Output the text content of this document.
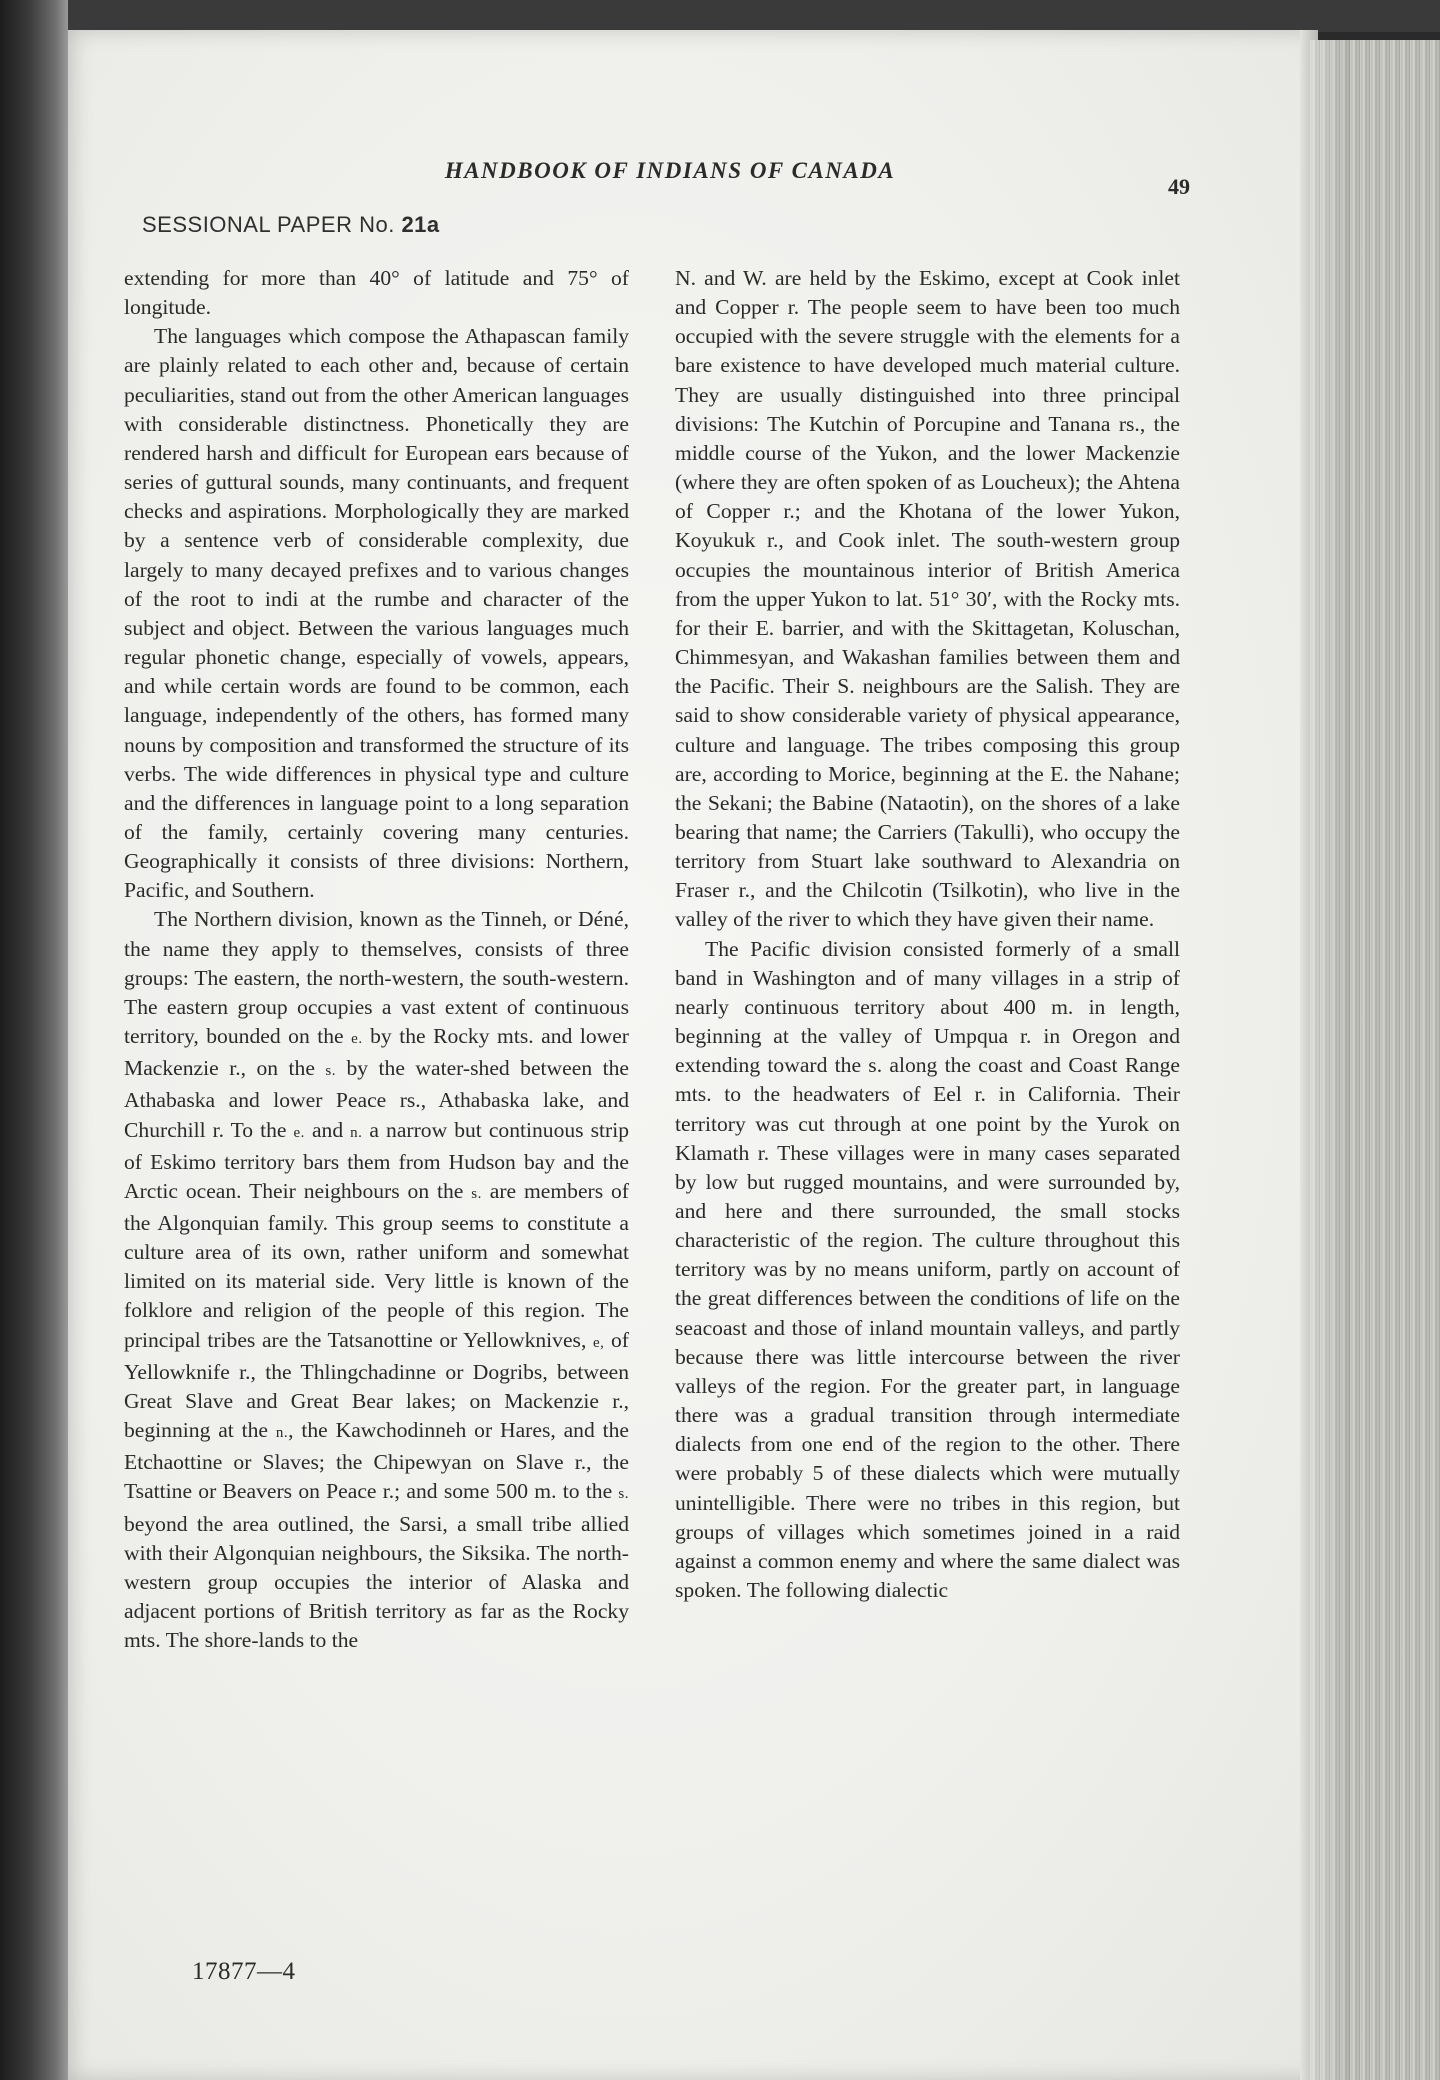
HANDBOOK OF INDIANS OF CANADA
49
SESSIONAL PAPER No. 21a

extending for more than 40° of latitude and 75° of longitude.

The languages which compose the Athapascan family are plainly related to each other and, because of certain peculiarities, stand out from the other American languages with considerable distinctness. Phonetically they are rendered harsh and difficult for European ears because of series of guttural sounds, many continuants, and frequent checks and aspirations. Morphologically they are marked by a sentence verb of considerable complexity, due largely to many decayed prefixes and to various changes of the root to indi at the rumbe and character of the subject and object. Between the various languages much regular phonetic change, especially of vowels, appears, and while certain words are found to be common, each language, independently of the others, has formed many nouns by composition and transformed the structure of its verbs. The wide differences in physical type and culture and the differences in language point to a long separation of the family, certainly covering many centuries. Geographically it consists of three divisions: Northern, Pacific, and Southern.

The Northern division, known as the Tinneh, or Déné, the name they apply to themselves, consists of three groups: The eastern, the north-western, the south-western. The eastern group occupies a vast extent of continuous territory, bounded on the e. by the Rocky mts. and lower Mackenzie r., on the s. by the water-shed between the Athabaska and lower Peace rs., Athabaska lake, and Churchill r. To the e. and n. a narrow but continuous strip of Eskimo territory bars them from Hudson bay and the Arctic ocean. Their neighbours on the s. are members of the Algonquian family. This group seems to constitute a culture area of its own, rather uniform and somewhat limited on its material side. Very little is known of the folklore and religion of the people of this region. The principal tribes are the Tatsanottine or Yellowknives, e, of Yellowknife r., the Thlingchadinne or Dogribs, between Great Slave and Great Bear lakes; on Mackenzie r., beginning at the n., the Kawchodinneh or Hares, and the Etchaottine or Slaves; the Chipewyan on Slave r., the Tsattine or Beavers on Peace r.; and some 500 m. to the s. beyond the area outlined, the Sarsi, a small tribe allied with their Algonquian neighbours, the Siksika. The north-western group occupies the interior of Alaska and adjacent portions of British territory as far as the Rocky mts. The shore-lands to the

N. and W. are held by the Eskimo, except at Cook inlet and Copper r. The people seem to have been too much occupied with the severe struggle with the elements for a bare existence to have developed much material culture. They are usually distinguished into three principal divisions: The Kutchin of Porcupine and Tanana rs., the middle course of the Yukon, and the lower Mackenzie (where they are often spoken of as Loucheux); the Ahtena of Copper r.; and the Khotana of the lower Yukon, Koyukuk r., and Cook inlet. The south-western group occupies the mountainous interior of British America from the upper Yukon to lat. 51° 30′, with the Rocky mts. for their E. barrier, and with the Skittagetan, Koluschan, Chimmesyan, and Wakashan families between them and the Pacific. Their S. neighbours are the Salish. They are said to show considerable variety of physical appearance, culture and language. The tribes composing this group are, according to Morice, beginning at the E. the Nahane; the Sekani; the Babine (Nataotin), on the shores of a lake bearing that name; the Carriers (Takulli), who occupy the territory from Stuart lake southward to Alexandria on Fraser r., and the Chilcotin (Tsilkotin), who live in the valley of the river to which they have given their name.

The Pacific division consisted formerly of a small band in Washington and of many villages in a strip of nearly continuous territory about 400 m. in length, beginning at the valley of Umpqua r. in Oregon and extending toward the s. along the coast and Coast Range mts. to the headwaters of Eel r. in California. Their territory was cut through at one point by the Yurok on Klamath r. These villages were in many cases separated by low but rugged mountains, and were surrounded by, and here and there surrounded, the small stocks characteristic of the region. The culture throughout this territory was by no means uniform, partly on account of the great differences between the conditions of life on the seacoast and those of inland mountain valleys, and partly because there was little intercourse between the river valleys of the region. For the greater part, in language there was a gradual transition through intermediate dialects from one end of the region to the other. There were probably 5 of these dialects which were mutually unintelligible. There were no tribes in this region, but groups of villages which sometimes joined in a raid against a common enemy and where the same dialect was spoken. The following dialectic

17877—4
